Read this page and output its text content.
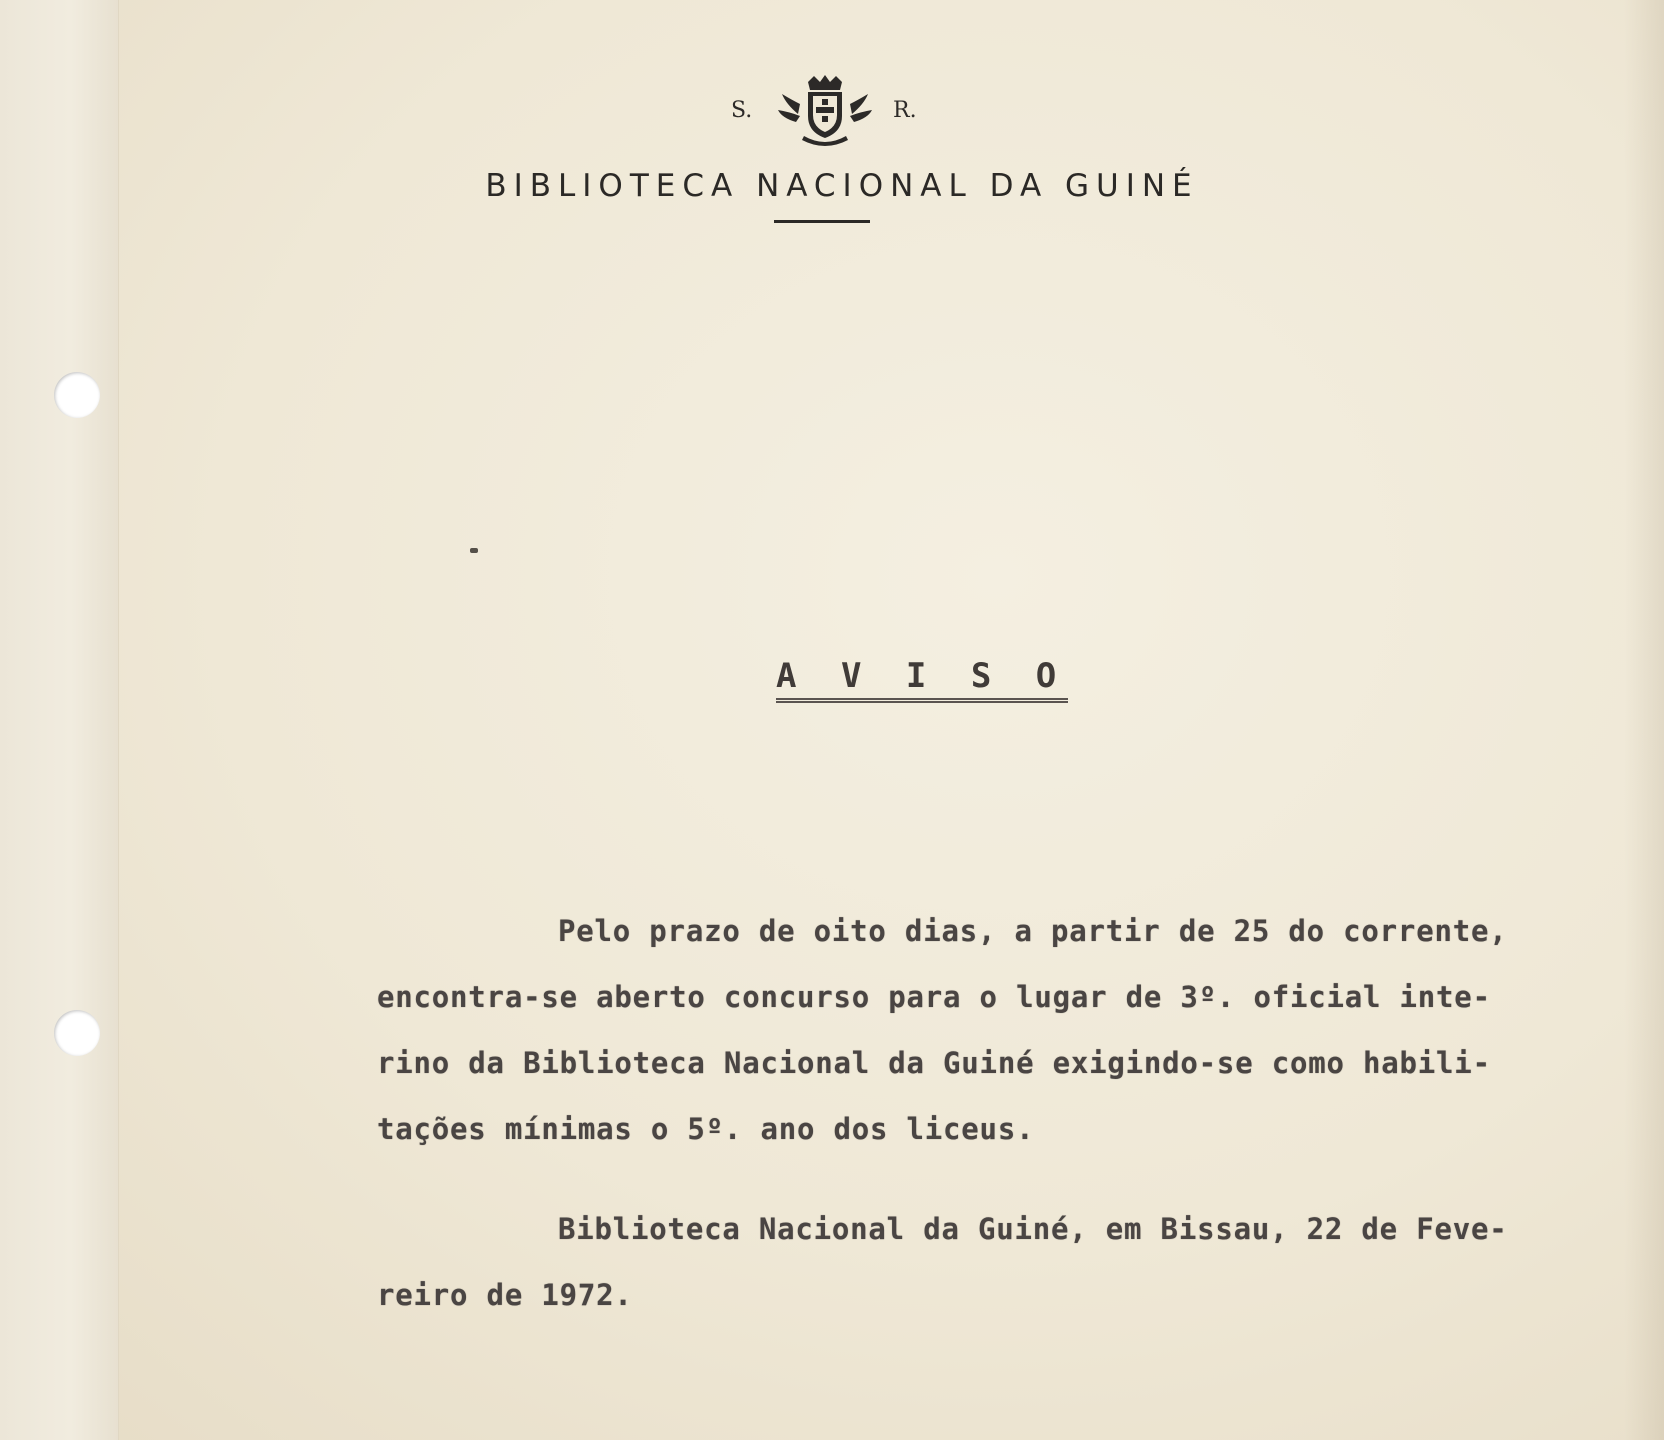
S.	R.
BIBLIOTECA NACIONAL DA GUINÉ
A V I S O
Pelo prazo de oito dias, a partir de 25 do corrente,
encontra-se aberto concurso para o lugar de 3º. oficial inte-
rino da Biblioteca Nacional da Guiné exigindo-se como habili-
tações mínimas o 5º. ano dos liceus.
Biblioteca Nacional da Guiné, em Bissau, 22 de Feve-
reiro de 1972.
